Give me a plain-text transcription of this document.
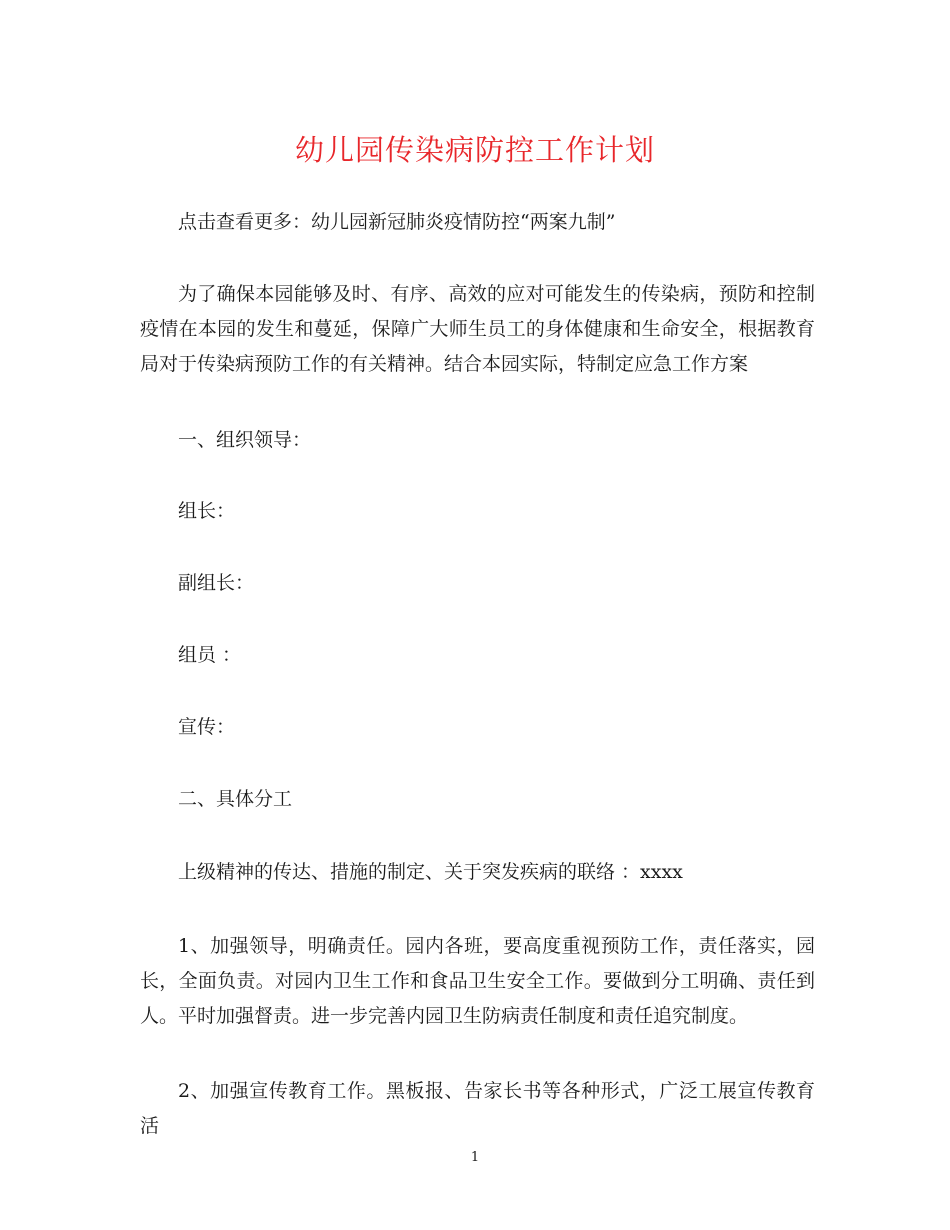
幼儿园传染病防控工作计划

点击查看更多：幼儿园新冠肺炎疫情防控“两案九制”

为了确保本园能够及时、有序、高效的应对可能发生的传染病，预防和控制疫情在本园的发生和蔓延，保障广大师生员工的身体健康和生命安全，根据教育局对于传染病预防工作的有关精神。结合本园实际，特制定应急工作方案

一、组织领导：

组长：

副组长：

组员 ：

宣传：

二、具体分工

上级精神的传达、措施的制定、关于突发疾病的联络 ：xxxx

1、加强领导，明确责任。园内各班，要高度重视预防工作，责任落实，园长，全面负责。对园内卫生工作和食品卫生安全工作。要做到分工明确、责任到人。平时加强督责。进一步完善内园卫生防病责任制度和责任追究制度。

2、加强宣传教育工作。黑板报、告家长书等各种形式，广泛工展宣传教育活

1
